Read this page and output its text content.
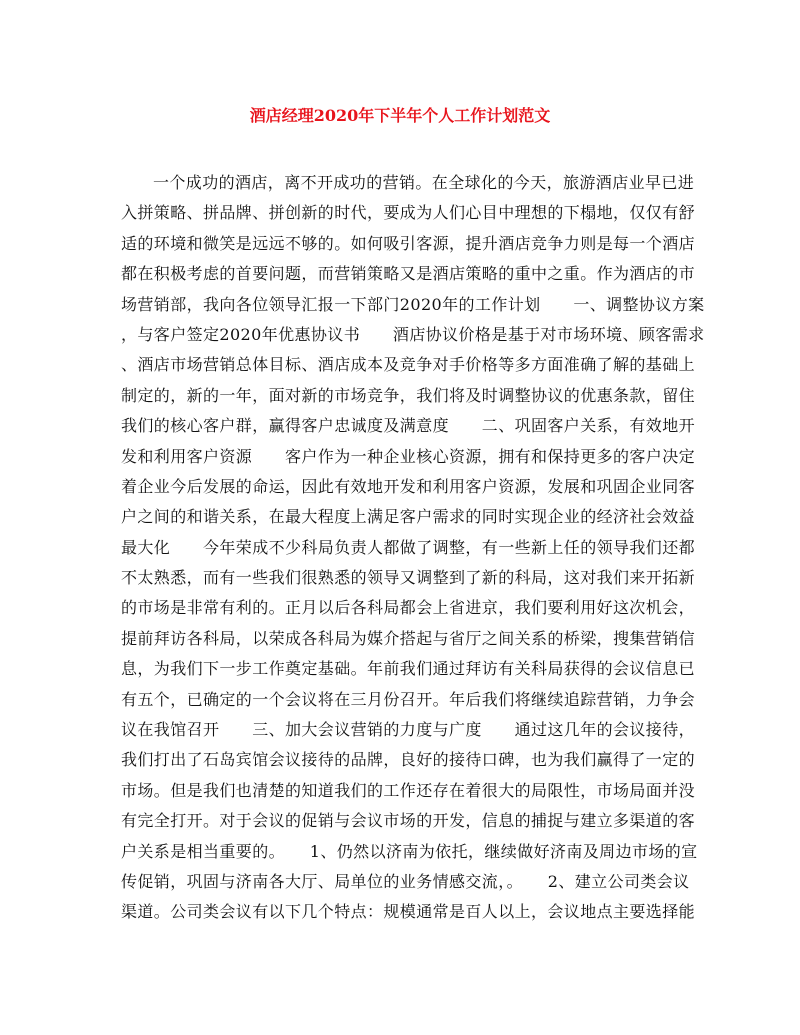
酒店经理2020年下半年个人工作计划范文
一个成功的酒店，离不开成功的营销。在全球化的今天，旅游酒店业早已进
入拼策略、拼品牌、拼创新的时代，要成为人们心目中理想的下榻地，仅仅有舒
适的环境和微笑是远远不够的。如何吸引客源，提升酒店竞争力则是每一个酒店
都在积极考虑的首要问题，而营销策略又是酒店策略的重中之重。作为酒店的市
场营销部，我向各位领导汇报一下部门2020年的工作计划　　一、调整协议方案
，与客户签定2020年优惠协议书　　酒店协议价格是基于对市场环境、顾客需求
、酒店市场营销总体目标、酒店成本及竞争对手价格等多方面准确了解的基础上
制定的，新的一年，面对新的市场竞争，我们将及时调整协议的优惠条款，留住
我们的核心客户群，赢得客户忠诚度及满意度　　二、巩固客户关系，有效地开
发和利用客户资源　　客户作为一种企业核心资源，拥有和保持更多的客户决定
着企业今后发展的命运，因此有效地开发和利用客户资源，发展和巩固企业同客
户之间的和谐关系，在最大程度上满足客户需求的同时实现企业的经济社会效益
最大化　　今年荣成不少科局负责人都做了调整，有一些新上任的领导我们还都
不太熟悉，而有一些我们很熟悉的领导又调整到了新的科局，这对我们来开拓新
的市场是非常有利的。正月以后各科局都会上省进京，我们要利用好这次机会，
提前拜访各科局，以荣成各科局为媒介搭起与省厅之间关系的桥梁，搜集营销信
息，为我们下一步工作奠定基础。年前我们通过拜访有关科局获得的会议信息已
有五个，已确定的一个会议将在三月份召开。年后我们将继续追踪营销，力争会
议在我馆召开　　三、加大会议营销的力度与广度　　通过这几年的会议接待，
我们打出了石岛宾馆会议接待的品牌，良好的接待口碑，也为我们赢得了一定的
市场。但是我们也清楚的知道我们的工作还存在着很大的局限性，市场局面并没
有完全打开。对于会议的促销与会议市场的开发，信息的捕捉与建立多渠道的客
户关系是相当重要的。　　1、仍然以济南为依托，继续做好济南及周边市场的宣
传促销，巩固与济南各大厅、局单位的业务情感交流，。　　2、建立公司类会议
渠道。公司类会议有以下几个特点：规模通常是百人以上，会议地点主要选择能
